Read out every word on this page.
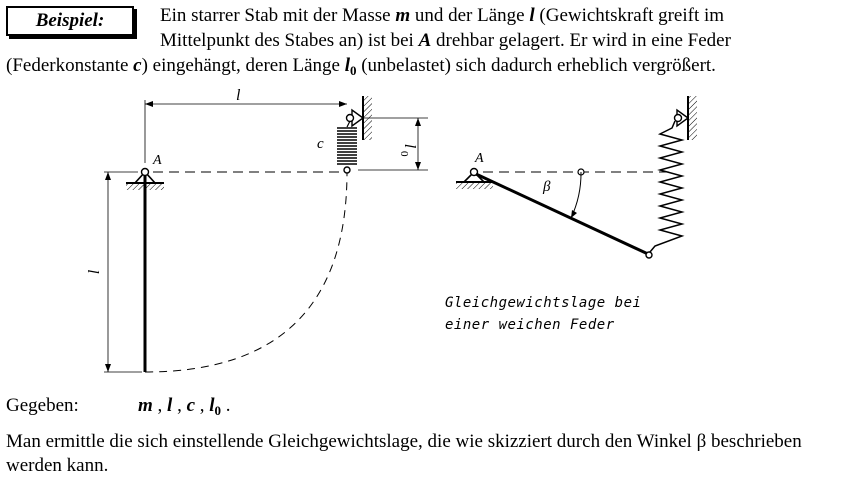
Beispiel:	Ein starrer Stab mit der Masse m und der Länge l (Gewichtskraft greift im
Mittelpunkt des Stabes an) ist bei A drehbar gelagert. Er wird in eine Feder
(Federkonstante c) eingehängt, deren Länge $l_0$ (unbelastet) sich dadurch erheblich vergrößert.
l
A
l
c	l
0	A
β
Gleichgewichtslage bei
einer weichen Feder
Gegeben:	m , l , c , $l_0$ .
Man ermittle die sich einstellende Gleichgewichtslage, die wie skizziert durch den Winkel β beschrieben werden kann.
